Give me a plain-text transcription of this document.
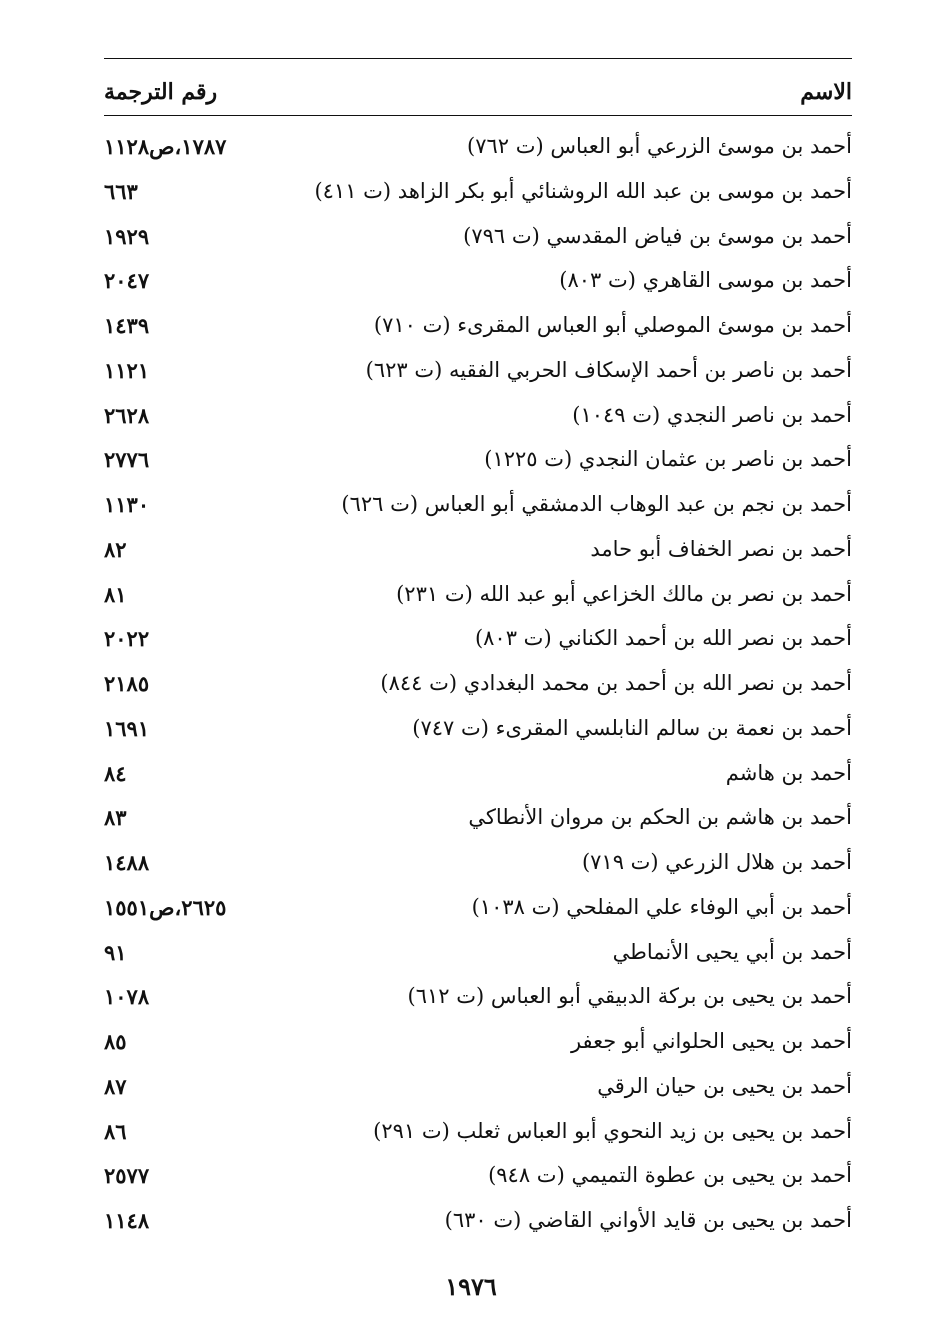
الاسم
رقم الترجمة
أحمد بن موسئ الزرعي أبو العباس (ت ٧٦٢)
١٧٨٧،ص١١٢٨
أحمد بن موسى بن عبد الله الروشنائي أبو بكر الزاهد (ت ٤١١)
٦٦٣
أحمد بن موسئ بن فياض المقدسي (ت ٧٩٦)
١٩٢٩
أحمد بن موسى القاهري (ت ٨٠٣)
٢٠٤٧
أحمد بن موسئ الموصلي أبو العباس المقرىء (ت ٧١٠)
١٤٣٩
أحمد بن ناصر بن أحمد الإسكاف الحربي الفقيه (ت ٦٢٣)
١١٢١
أحمد بن ناصر النجدي (ت ١٠٤٩)
٢٦٢٨
أحمد بن ناصر بن عثمان النجدي (ت ١٢٢٥)
٢٧٧٦
أحمد بن نجم بن عبد الوهاب الدمشقي أبو العباس (ت ٦٢٦)
١١٣٠
أحمد بن نصر الخفاف أبو حامد
٨٢
أحمد بن نصر بن مالك الخزاعي أبو عبد الله (ت ٢٣١)
٨١
أحمد بن نصر الله بن أحمد الكناني (ت ٨٠٣)
٢٠٢٢
أحمد بن نصر الله بن أحمد بن محمد البغدادي (ت ٨٤٤)
٢١٨٥
أحمد بن نعمة بن سالم النابلسي المقرىء (ت ٧٤٧)
١٦٩١
أحمد بن هاشم
٨٤
أحمد بن هاشم بن الحكم بن مروان الأنطاكي
٨٣
أحمد بن هلال الزرعي (ت ٧١٩)
١٤٨٨
أحمد بن أبي الوفاء علي المفلحي (ت ١٠٣٨)
٢٦٢٥،ص١٥٥١
أحمد بن أبي يحيى الأنماطي
٩١
أحمد بن يحيى بن بركة الدبيقي أبو العباس (ت ٦١٢)
١٠٧٨
أحمد بن يحيى الحلواني أبو جعفر
٨٥
أحمد بن يحيى بن حيان الرقي
٨٧
أحمد بن يحيى بن زيد النحوي أبو العباس ثعلب (ت ٢٩١)
٨٦
أحمد بن يحيى بن عطوة التميمي (ت ٩٤٨)
٢٥٧٧
أحمد بن يحيى بن قايد الأواني القاضي (ت ٦٣٠)
١١٤٨
١٩٧٦
